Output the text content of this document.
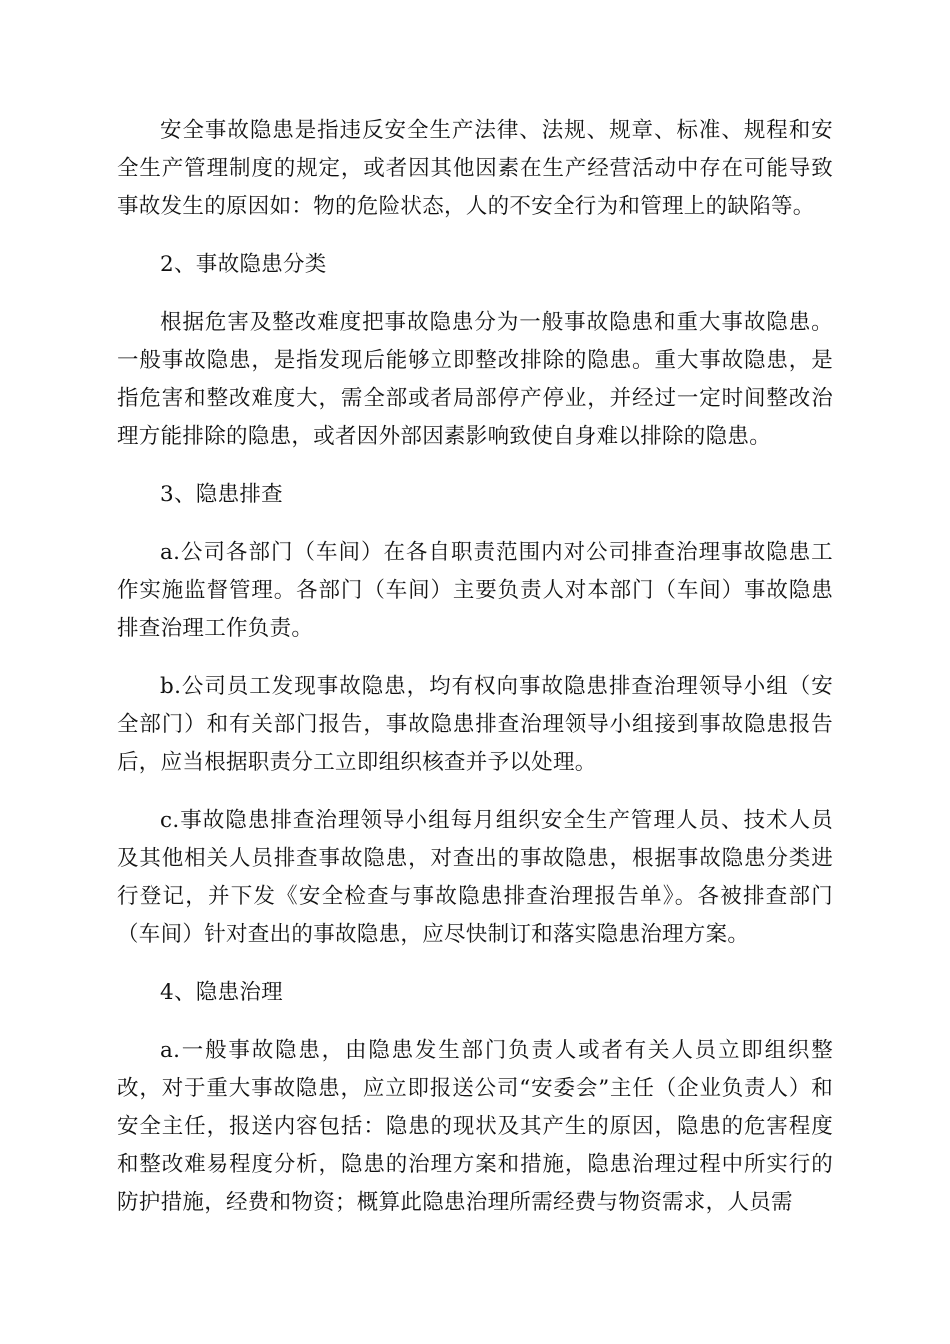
安全事故隐患是指违反安全生产法律、法规、规章、标准、规程和安全生产管理制度的规定，或者因其他因素在生产经营活动中存在可能导致事故发生的原因如：物的危险状态，人的不安全行为和管理上的缺陷等。

2、事故隐患分类

根据危害及整改难度把事故隐患分为一般事故隐患和重大事故隐患。一般事故隐患，是指发现后能够立即整改排除的隐患。重大事故隐患，是指危害和整改难度大，需全部或者局部停产停业，并经过一定时间整改治理方能排除的隐患，或者因外部因素影响致使自身难以排除的隐患。

3、隐患排查

a.公司各部门（车间）在各自职责范围内对公司排查治理事故隐患工作实施监督管理。各部门（车间）主要负责人对本部门（车间）事故隐患排查治理工作负责。

b.公司员工发现事故隐患，均有权向事故隐患排查治理领导小组（安全部门）和有关部门报告，事故隐患排查治理领导小组接到事故隐患报告后，应当根据职责分工立即组织核查并予以处理。

c.事故隐患排查治理领导小组每月组织安全生产管理人员、技术人员及其他相关人员排查事故隐患，对查出的事故隐患，根据事故隐患分类进行登记，并下发《安全检查与事故隐患排查治理报告单》。各被排查部门（车间）针对查出的事故隐患，应尽快制订和落实隐患治理方案。

4、隐患治理

a.一般事故隐患，由隐患发生部门负责人或者有关人员立即组织整改，对于重大事故隐患，应立即报送公司“安委会”主任（企业负责人）和安全主任，报送内容包括：隐患的现状及其产生的原因，隐患的危害程度和整改难易程度分析，隐患的治理方案和措施，隐患治理过程中所实行的防护措施，经费和物资；概算此隐患治理所需经费与物资需求，人员需
